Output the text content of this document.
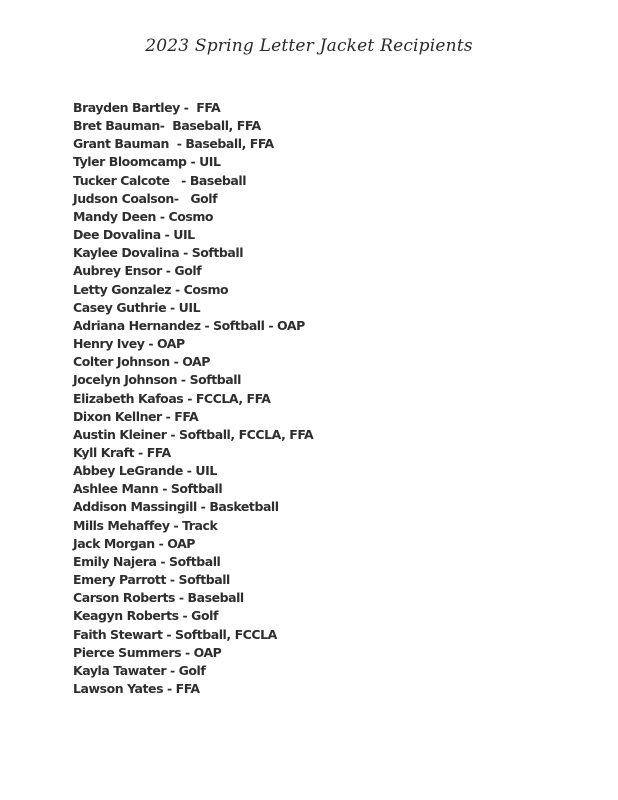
2023 Spring Letter Jacket Recipients
Brayden Bartley -  FFA
Bret Bauman-  Baseball, FFA
Grant Bauman  - Baseball, FFA
Tyler Bloomcamp - UIL
Tucker Calcote   - Baseball
Judson Coalson-   Golf
Mandy Deen - Cosmo
Dee Dovalina - UIL
Kaylee Dovalina - Softball
Aubrey Ensor - Golf
Letty Gonzalez - Cosmo
Casey Guthrie - UIL
Adriana Hernandez - Softball - OAP
Henry Ivey - OAP
Colter Johnson - OAP
Jocelyn Johnson - Softball
Elizabeth Kafoas - FCCLA, FFA
Dixon Kellner - FFA
Austin Kleiner - Softball, FCCLA, FFA
Kyll Kraft - FFA
Abbey LeGrande - UIL
Ashlee Mann - Softball
Addison Massingill - Basketball
Mills Mehaffey - Track
Jack Morgan - OAP
Emily Najera - Softball
Emery Parrott - Softball
Carson Roberts - Baseball
Keagyn Roberts - Golf
Faith Stewart - Softball, FCCLA
Pierce Summers - OAP
Kayla Tawater - Golf
Lawson Yates - FFA
